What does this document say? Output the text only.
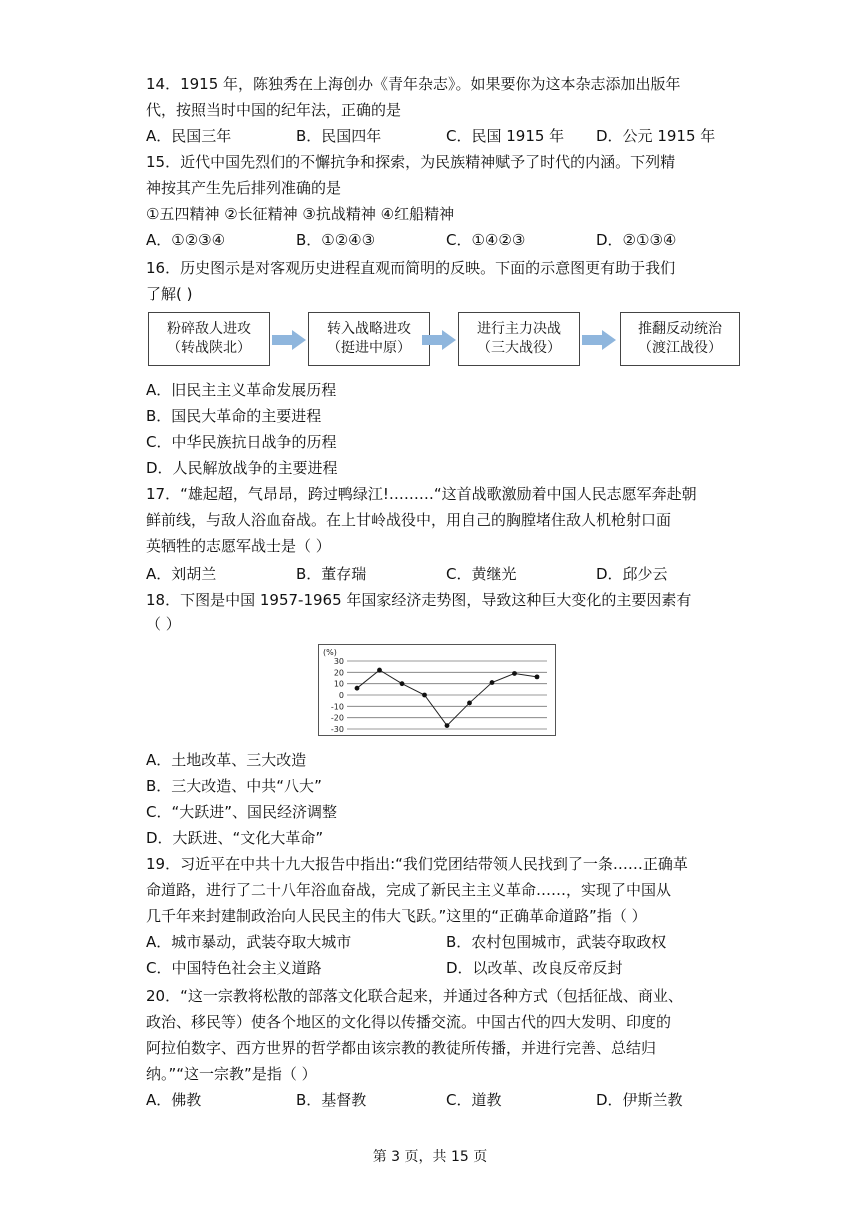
14．1915 年，陈独秀在上海创办《青年杂志》。如果要你为这本杂志添加出版年
代，按照当时中国的纪年法，正确的是
A．民国三年	B．民国四年	C．民国 1915 年 D．公元 1915 年
15．近代中国先烈们的不懈抗争和探索，为民族精神赋予了时代的内涵。下列精
神按其产生先后排列准确的是
①五四精神 ②长征精神 ③抗战精神 ④红船精神
A．①②③④	B．①②④③	C．①④②③	D．②①③④
16．历史图示是对客观历史进程直观而简明的反映。下面的示意图更有助于我们
了解( )
粉碎敌人进攻
（转战陕北）
转入战略进攻
（挺进中原）
进行主力决战
（三大战役）
推翻反动统治
（渡江战役）
A．旧民主主义革命发展历程
B．国民大革命的主要进程
C．中华民族抗日战争的历程
D．人民解放战争的主要进程
17．“雄起超，气昂昂，跨过鸭绿江!………“这首战歌激励着中国人民志愿军奔赴朝
鲜前线，与敌人浴血奋战。在上甘岭战役中，用自己的胸膛堵住敌人机枪射口面
英牺牲的志愿军战士是（ ）
A．刘胡兰	B．董存瑞	C．黄继光	D．邱少云
18．下图是中国 1957-1965 年国家经济走势图，导致这种巨大变化的主要因素有
（ ）
(%)
30
20
10
0
-10
-20
-30
A．土地改革、三大改造
B．三大改造、中共“八大”
C．“大跃进”、国民经济调整
D．大跃进、“文化大革命”
19．习近平在中共十九大报告中指出:“我们党团结带领人民找到了一条……正确革
命道路，进行了二十八年浴血奋战，完成了新民主主义革命……，实现了中国从
几千年来封建制政治向人民民主的伟大飞跃。”这里的“正确革命道路”指（ ）
A．城市暴动，武装夺取大城市	B．农村包围城市，武装夺取政权
C．中国特色社会主义道路	D．以改革、改良反帝反封
20．“这一宗教将松散的部落文化联合起来，并通过各种方式（包括征战、商业、
政治、移民等）使各个地区的文化得以传播交流。中国古代的四大发明、印度的
阿拉伯数字、西方世界的哲学都由该宗教的教徒所传播，并进行完善、总结归
纳。”“这一宗教”是指（ ）
A．佛教	B．基督教	C．道教	D．伊斯兰教
第 3 页，共 15 页
